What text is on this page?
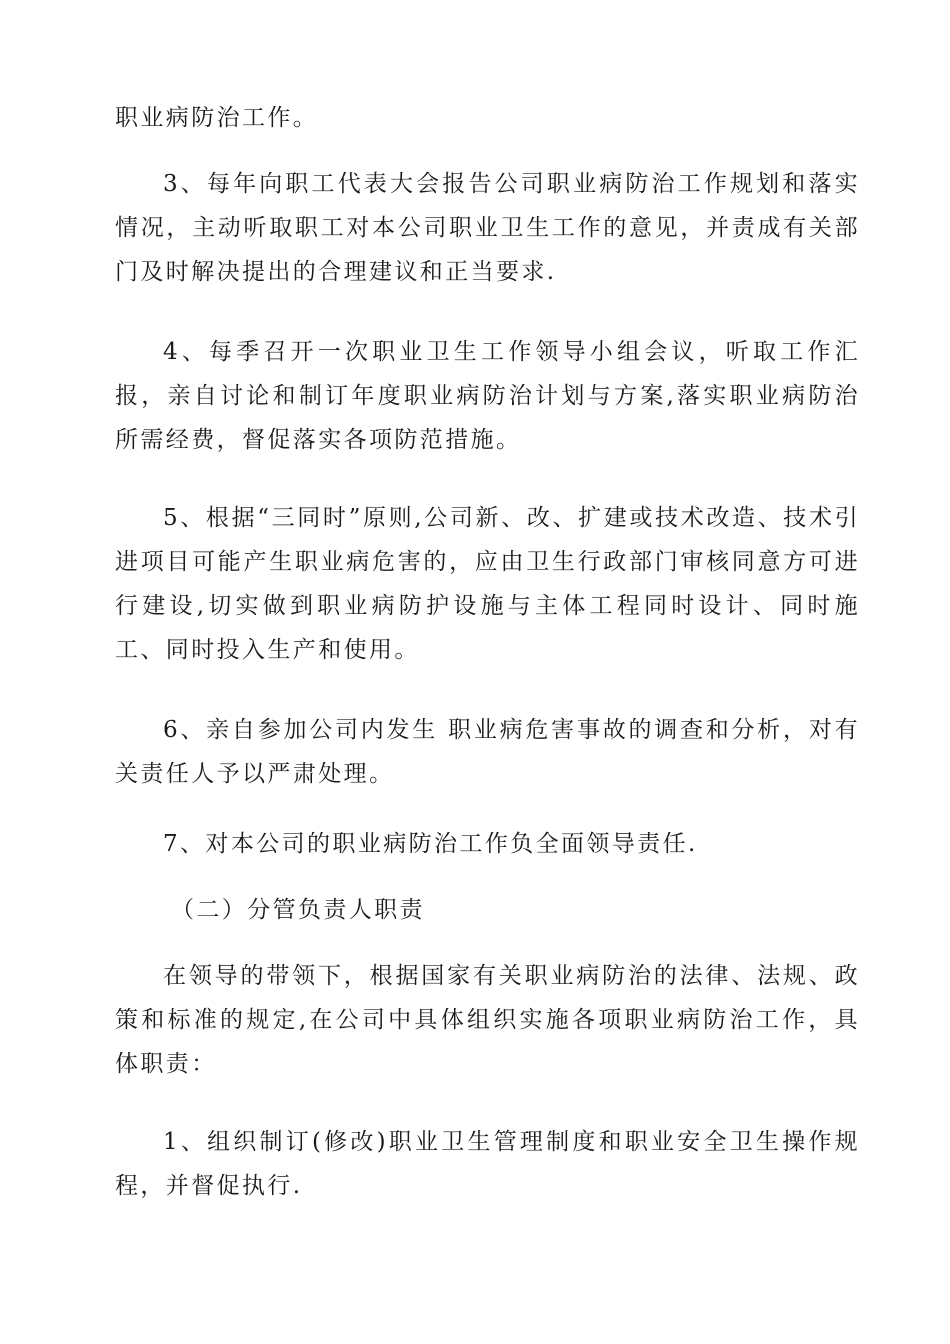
职业病防治工作。

3、每年向职工代表大会报告公司职业病防治工作规划和落实情况，主动听取职工对本公司职业卫生工作的意见，并责成有关部门及时解决提出的合理建议和正当要求.

4、每季召开一次职业卫生工作领导小组会议，听取工作汇报，亲自讨论和制订年度职业病防治计划与方案,落实职业病防治所需经费，督促落实各项防范措施。

5、根据“三同时”原则,公司新、改、扩建或技术改造、技术引进项目可能产生职业病危害的，应由卫生行政部门审核同意方可进行建设,切实做到职业病防护设施与主体工程同时设计、同时施工、同时投入生产和使用。

6、亲自参加公司内发生 职业病危害事故的调查和分析，对有关责任人予以严肃处理。

7、对本公司的职业病防治工作负全面领导责任.

（二）分管负责人职责

在领导的带领下，根据国家有关职业病防治的法律、法规、政策和标准的规定,在公司中具体组织实施各项职业病防治工作，具体职责：

1、组织制订(修改)职业卫生管理制度和职业安全卫生操作规程，并督促执行.
